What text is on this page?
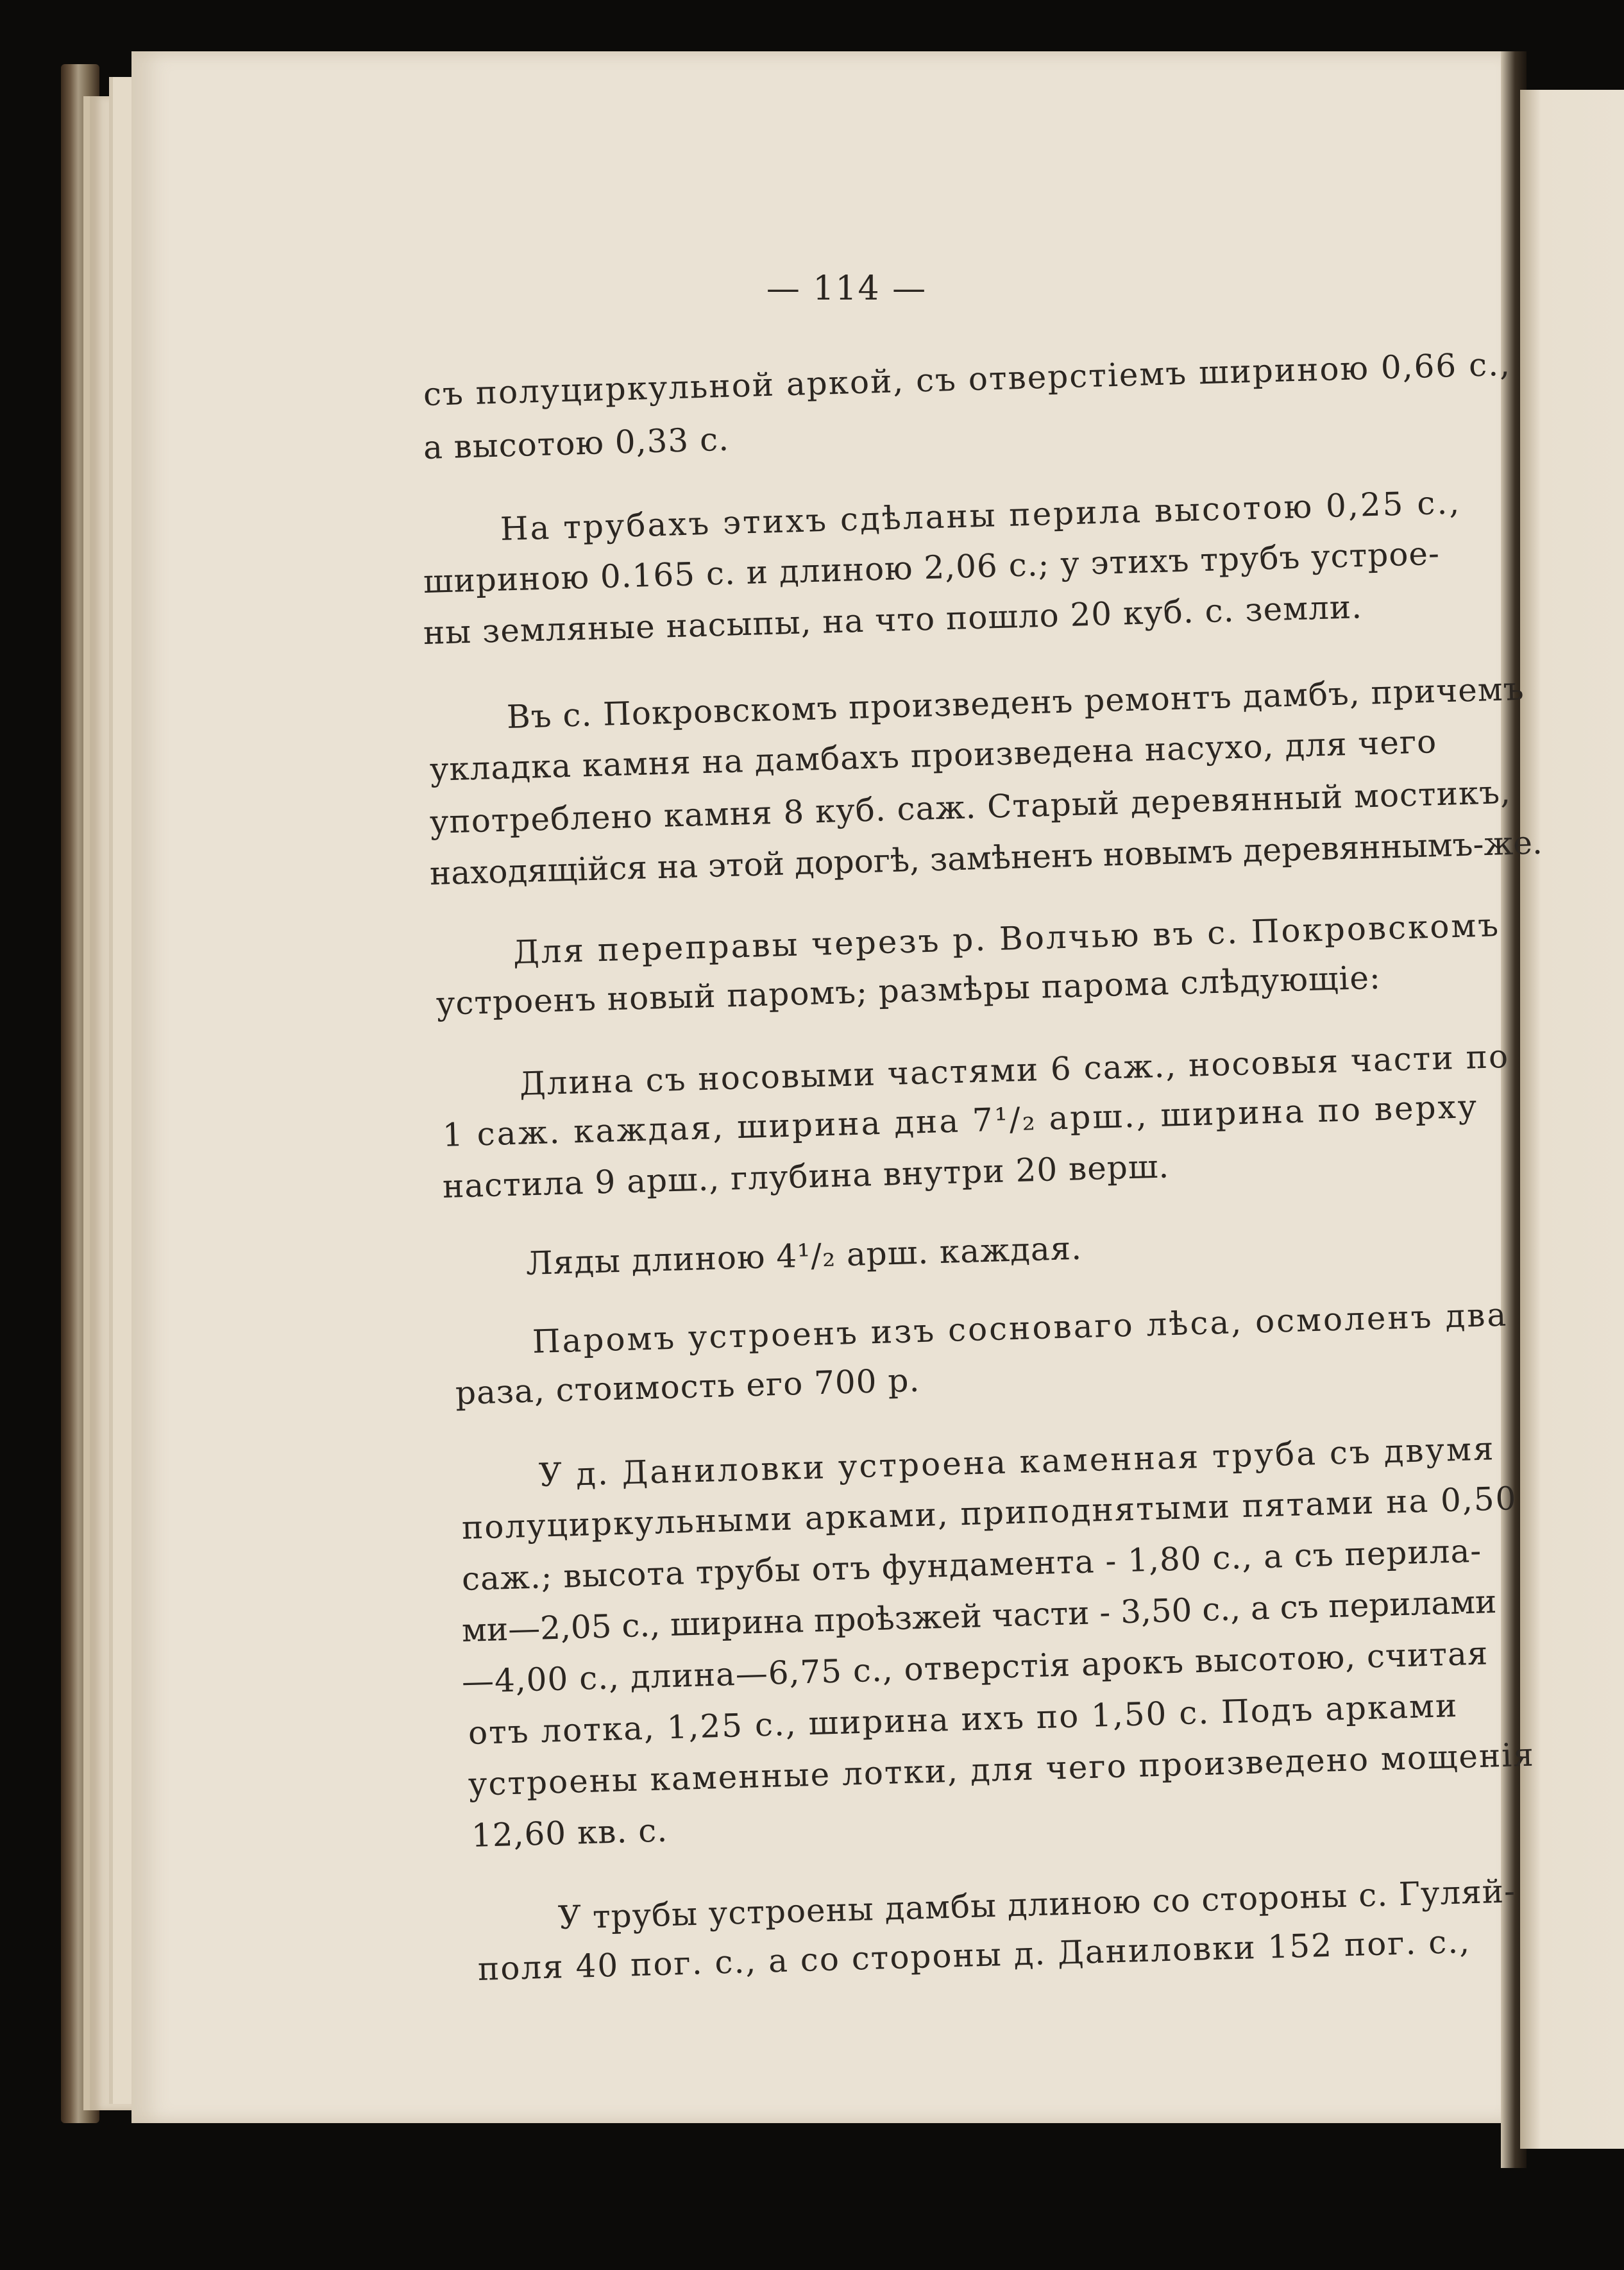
— 114 —
съ полуциркульной аркой, съ отверстіемъ шириною 0,66 с.,
а высотою 0,33 с.
На трубахъ этихъ сдѣланы перила высотою 0,25 с.,
шириною 0.165 с. и длиною 2,06 с.; у этихъ трубъ устрое-
ны земляные насыпы, на что пошло 20 куб. с. земли.
Въ с. Покровскомъ произведенъ ремонтъ дамбъ, причемъ
укладка камня на дамбахъ произведена насухо, для чего
употреблено камня 8 куб. саж. Старый деревянный мостикъ,
находящійся на этой дорогѣ, замѣненъ новымъ деревяннымъ-же.
Для переправы черезъ р. Волчью въ с. Покровскомъ
устроенъ новый паромъ; размѣры парома слѣдующіе:
Длина съ носовыми частями 6 саж., носовыя части по
1 саж. каждая, ширина дна 7¹/₂ арш., ширина по верху
настила 9 арш., глубина внутри 20 верш.
Ляды длиною 4¹/₂ арш. каждая.
Паромъ устроенъ изъ сосноваго лѣса, осмоленъ два
раза, стоимость его 700 р.
У д. Даниловки устроена каменная труба съ двумя
полуциркульными арками, приподнятыми пятами на 0,50
саж.; высота трубы отъ фундамента - 1,80 с., а съ перила-
ми—2,05 с., ширина проѣзжей части - 3,50 с., а съ перилами
—4,00 с., длина—6,75 с., отверстія арокъ высотою, считая
отъ лотка, 1,25 с., ширина ихъ по 1,50 с. Подъ арками
устроены каменные лотки, для чего произведено мощенія
12,60 кв. с.
У трубы устроены дамбы длиною со стороны с. Гуляй-
поля 40 пог. с., а со стороны д. Даниловки 152 пог. с.,
